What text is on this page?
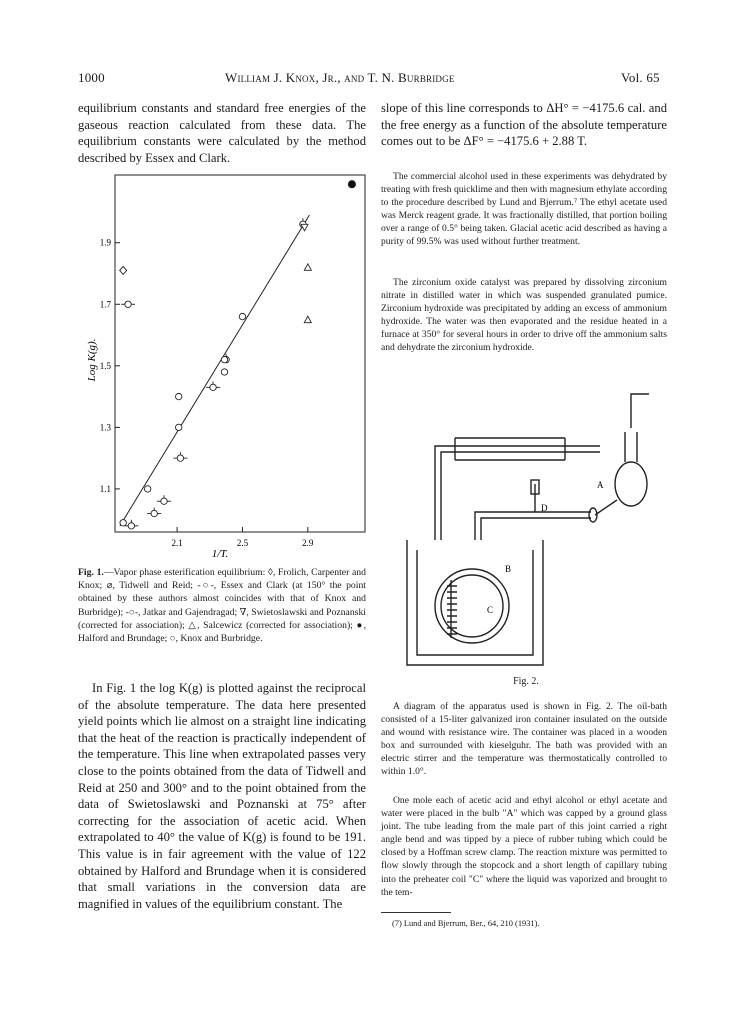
1000	William J. Knox, Jr., and T. N. Burbridge	Vol. 65

equilibrium constants and standard free energies of the gaseous reaction calculated from these data. The equilibrium constants were calculated by the method described by Essex and Clark.

Log K(g).
2.1	2.5	2.9
1.1
1.3
1.5
1.7
1.9
1/T.

Fig. 1.—Vapor phase esterification equilibrium: ◊, Frolich, Carpenter and Knox; ⌀, Tidwell and Reid; -○-, Essex and Clark (at 150° the point obtained by these authors almost coincides with that of Knox and Burbridge); -○-, Jatkar and Gajendragad; ∇, Swietoslawski and Poznanski (corrected for association); △, Salcewicz (corrected for association); ●, Halford and Brundage; ○, Knox and Burbridge.

In Fig. 1 the log K(g) is plotted against the reciprocal of the absolute temperature. The data here presented yield points which lie almost on a straight line indicating that the heat of the reaction is practically independent of the temperature. This line when extrapolated passes very close to the points obtained from the data of Tidwell and Reid at 250 and 300° and to the point obtained from the data of Swietoslawski and Poznanski at 75° after correcting for the association of acetic acid. When extrapolated to 40° the value of K(g) is found to be 191. This value is in fair agreement with the value of 122 obtained by Halford and Brundage when it is considered that small variations in the conversion data are magnified in values of the equilibrium constant. The

slope of this line corresponds to ΔH° = −4175.6 cal. and the free energy as a function of the absolute temperature comes out to be ΔF° = −4175.6 + 2.88 T.

The commercial alcohol used in these experiments was dehydrated by treating with fresh quicklime and then with magnesium ethylate according to the procedure described by Lund and Bjerrum.⁷ The ethyl acetate used was Merck reagent grade. It was fractionally distilled, that portion boiling over a range of 0.5° being taken. Glacial acetic acid described as having a purity of 99.5% was used without further treatment.

The zirconium oxide catalyst was prepared by dissolving zirconium nitrate in distilled water in which was suspended granulated pumice. Zirconium hydroxide was precipitated by adding an excess of ammonium hydroxide. The water was then evaporated and the residue heated in a furnace at 350° for several hours in order to drive off the ammonium salts and dehydrate the zirconium hydroxide.

A
B
C
D
Fig. 2.

A diagram of the apparatus used is shown in Fig. 2. The oil-bath consisted of a 15-liter galvanized iron container insulated on the outside and wound with resistance wire. The container was placed in a wooden box and surrounded with kieselguhr. The bath was provided with an electric stirrer and the temperature was thermostatically controlled to within 1.0°.

One mole each of acetic acid and ethyl alcohol or ethyl acetate and water were placed in the bulb "A" which was capped by a ground glass joint. The tube leading from the male part of this joint carried a right angle bend and was tipped by a piece of rubber tubing which could be closed by a Hoffman screw clamp. The reaction mixture was permitted to flow slowly through the stopcock and a short length of capillary tubing into the preheater coil "C" where the liquid was vaporized and brought to the tem-

(7) Lund and Bjerrum, Ber., 64, 210 (1931).
